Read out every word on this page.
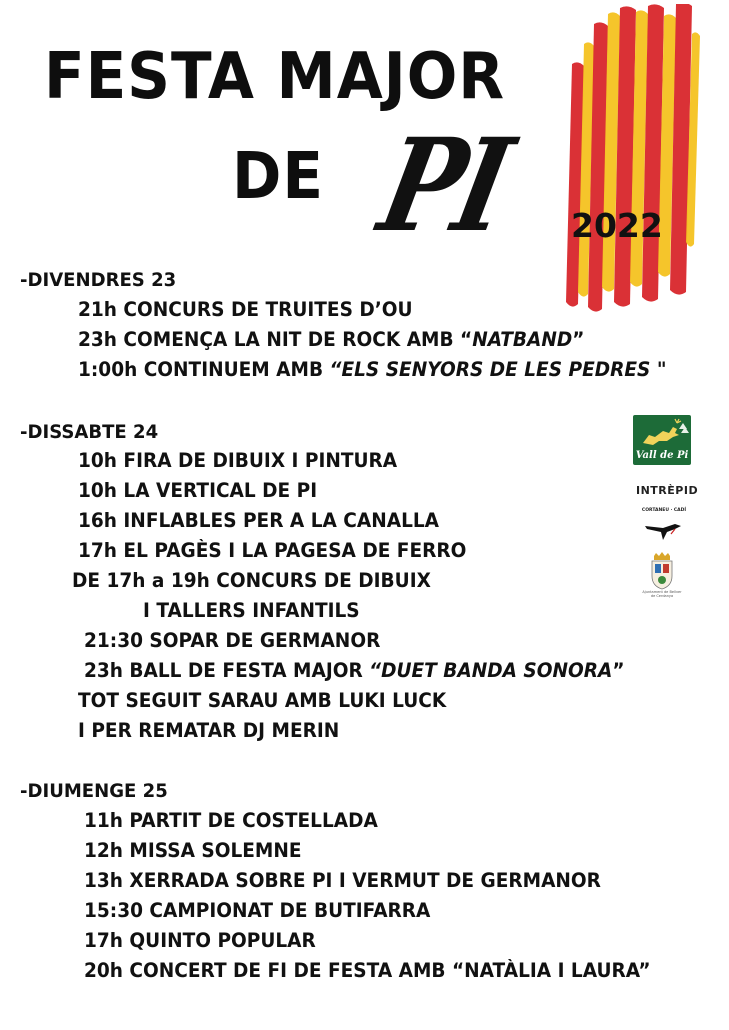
FESTA MAJOR
DE PI 2022
-DIVENDRES 23
21h CONCURS DE TRUITES D’OU
23h COMENÇA LA NIT DE ROCK AMB “NATBAND”
1:00h CONTINUEM AMB “ELS SENYORS DE LES PEDRES "
-DISSABTE 24
10h FIRA DE DIBUIX I PINTURA
10h LA VERTICAL DE PI
16h INFLABLES PER A LA CANALLA
17h EL PAGÈS I LA PAGESA DE FERRO
DE 17h a 19h CONCURS DE DIBUIX
I TALLERS INFANTILS
21:30 SOPAR DE GERMANOR
23h BALL DE FESTA MAJOR “DUET BANDA SONORA”
TOT SEGUIT SARAU AMB LUKI LUCK
I PER REMATAR DJ MERIN
-DIUMENGE 25
11h PARTIT DE COSTELLADA
12h MISSA SOLEMNE
13h XERRADA SOBRE PI I VERMUT DE GERMANOR
15:30 CAMPIONAT DE BUTIFARRA
17h QUINTO POPULAR
20h CONCERT DE FI DE FESTA AMB “NATÀLIA I LAURA”
Vall de Pi
INTRÈPID
CORTANEU · CADÍ
Ajuntament de Bellver de Cerdanya
